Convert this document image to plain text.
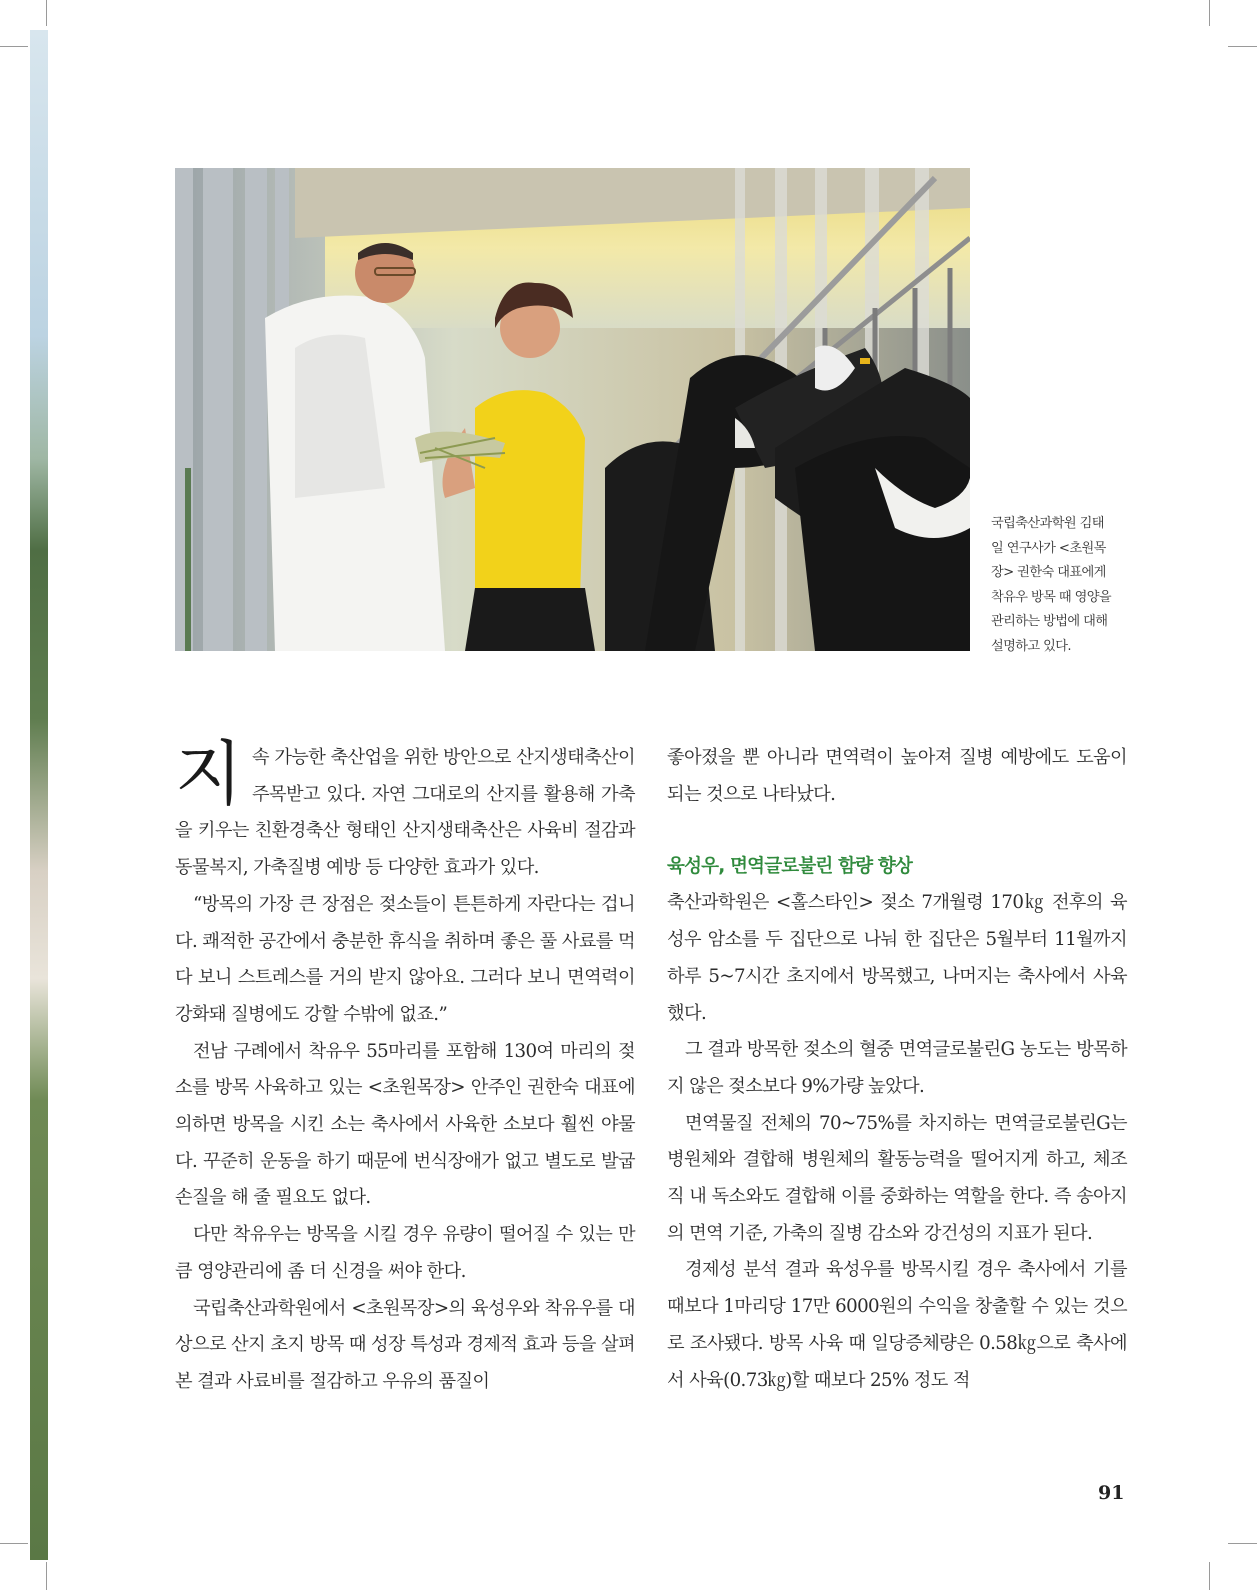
국립축산과학원 김태
일 연구사가 <초원목
장> 권한숙 대표에게
착유우 방목 때 영양을
관리하는 방법에 대해
설명하고 있다.

지속 가능한 축산업을 위한 방안으로 산지생태축산이 주목받고 있다. 자연 그대로의 산지를 활용해 가축을 키우는 친환경축산 형태인 산지생태축산은 사육비 절감과 동물복지, 가축질병 예방 등 다양한 효과가 있다.

“방목의 가장 큰 장점은 젖소들이 튼튼하게 자란다는 겁니다. 쾌적한 공간에서 충분한 휴식을 취하며 좋은 풀 사료를 먹다 보니 스트레스를 거의 받지 않아요. 그러다 보니 면역력이 강화돼 질병에도 강할 수밖에 없죠.”

전남 구례에서 착유우 55마리를 포함해 130여 마리의 젖소를 방목 사육하고 있는 <초원목장> 안주인 권한숙 대표에 의하면 방목을 시킨 소는 축사에서 사육한 소보다 훨씬 야물다. 꾸준히 운동을 하기 때문에 번식장애가 없고 별도로 발굽 손질을 해 줄 필요도 없다.

다만 착유우는 방목을 시킬 경우 유량이 떨어질 수 있는 만큼 영양관리에 좀 더 신경을 써야 한다.

국립축산과학원에서 <초원목장>의 육성우와 착유우를 대상으로 산지 초지 방목 때 성장 특성과 경제적 효과 등을 살펴본 결과 사료비를 절감하고 우유의 품질이

좋아졌을 뿐 아니라 면역력이 높아져 질병 예방에도 도움이 되는 것으로 나타났다.

육성우, 면역글로불린 함량 향상

축산과학원은 <홀스타인> 젖소 7개월령 170㎏ 전후의 육성우 암소를 두 집단으로 나눠 한 집단은 5월부터 11월까지 하루 5~7시간 초지에서 방목했고, 나머지는 축사에서 사육했다.

그 결과 방목한 젖소의 혈중 면역글로불린G 농도는 방목하지 않은 젖소보다 9%가량 높았다.

면역물질 전체의 70~75%를 차지하는 면역글로불린G는 병원체와 결합해 병원체의 활동능력을 떨어지게 하고, 체조직 내 독소와도 결합해 이를 중화하는 역할을 한다. 즉 송아지의 면역 기준, 가축의 질병 감소와 강건성의 지표가 된다.

경제성 분석 결과 육성우를 방목시킬 경우 축사에서 기를 때보다 1마리당 17만 6000원의 수익을 창출할 수 있는 것으로 조사됐다. 방목 사육 때 일당증체량은 0.58㎏으로 축사에서 사육(0.73㎏)할 때보다 25% 정도 적

91
